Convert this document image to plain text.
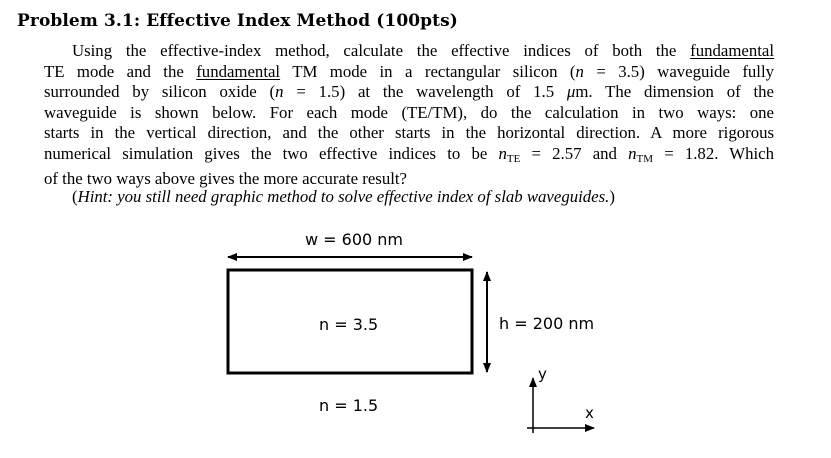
Problem 3.1: Effective Index Method (100pts)
Using the effective-index method, calculate the effective indices of both the fundamental
TE mode and the fundamental TM mode in a rectangular silicon (n = 3.5) waveguide fully
surrounded by silicon oxide (n = 1.5) at the wavelength of 1.5 μm. The dimension of the
waveguide is shown below. For each mode (TE/TM), do the calculation in two ways: one
starts in the vertical direction, and the other starts in the horizontal direction. A more rigorous
numerical simulation gives the two effective indices to be $n_{TE} = 2.57$ and $n_{TM} = 1.82$. Which
of the two ways above gives the more accurate result?
(Hint: you still need graphic method to solve effective index of slab waveguides.)
w = 600 nm
n = 3.5	h = 200 nm
n = 1.5
y
x
